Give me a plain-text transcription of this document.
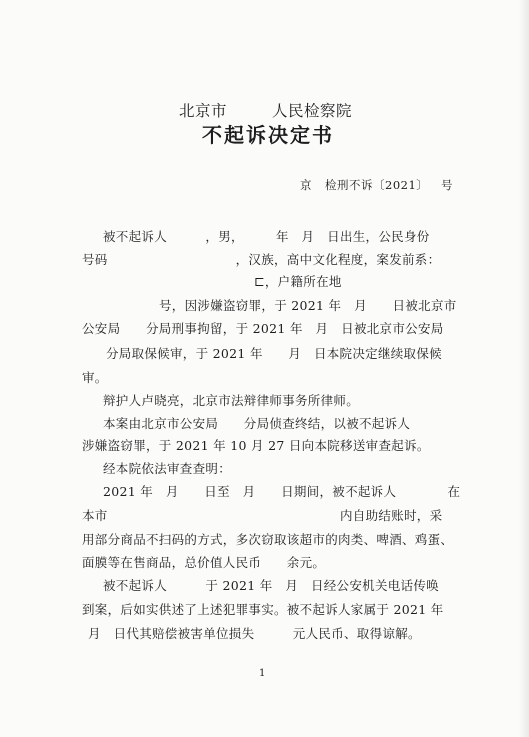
北京市	人民检察院
不起诉决定书
京 检刑不诉〔2021〕 号
被不起诉人　　　，男，　　　年　月　日出生，公民身份
号码　　　　　　　　　　，汉族，高中文化程度，案发前系：
⊏，户籍所在地
号，因涉嫌盗窃罪，于 2021 年　月　　日被北京市
公安局　　分局刑事拘留，于 2021 年　月　日被北京市公安局
分局取保候审，于 2021 年　　月　日本院决定继续取保候
审。
辩护人卢晓亮，北京市法辩律师事务所律师。
本案由北京市公安局　　分局侦查终结，以被不起诉人
涉嫌盗窃罪，于 2021 年 10 月 27 日向本院移送审查起诉。
经本院依法审查查明：
2021 年　月　　日至　月　　日期间，被不起诉人　　　　在
本市	内自助结账时，采
用部分商品不扫码的方式，多次窃取该超市的肉类、啤酒、鸡蛋、
面膜等在售商品，总价值人民币　　余元。
被不起诉人　　　于 2021 年　月　日经公安机关电话传唤
到案，后如实供述了上述犯罪事实。被不起诉人家属于 2021 年
月　日代其赔偿被害单位损失　　　元人民币、取得谅解。
1
